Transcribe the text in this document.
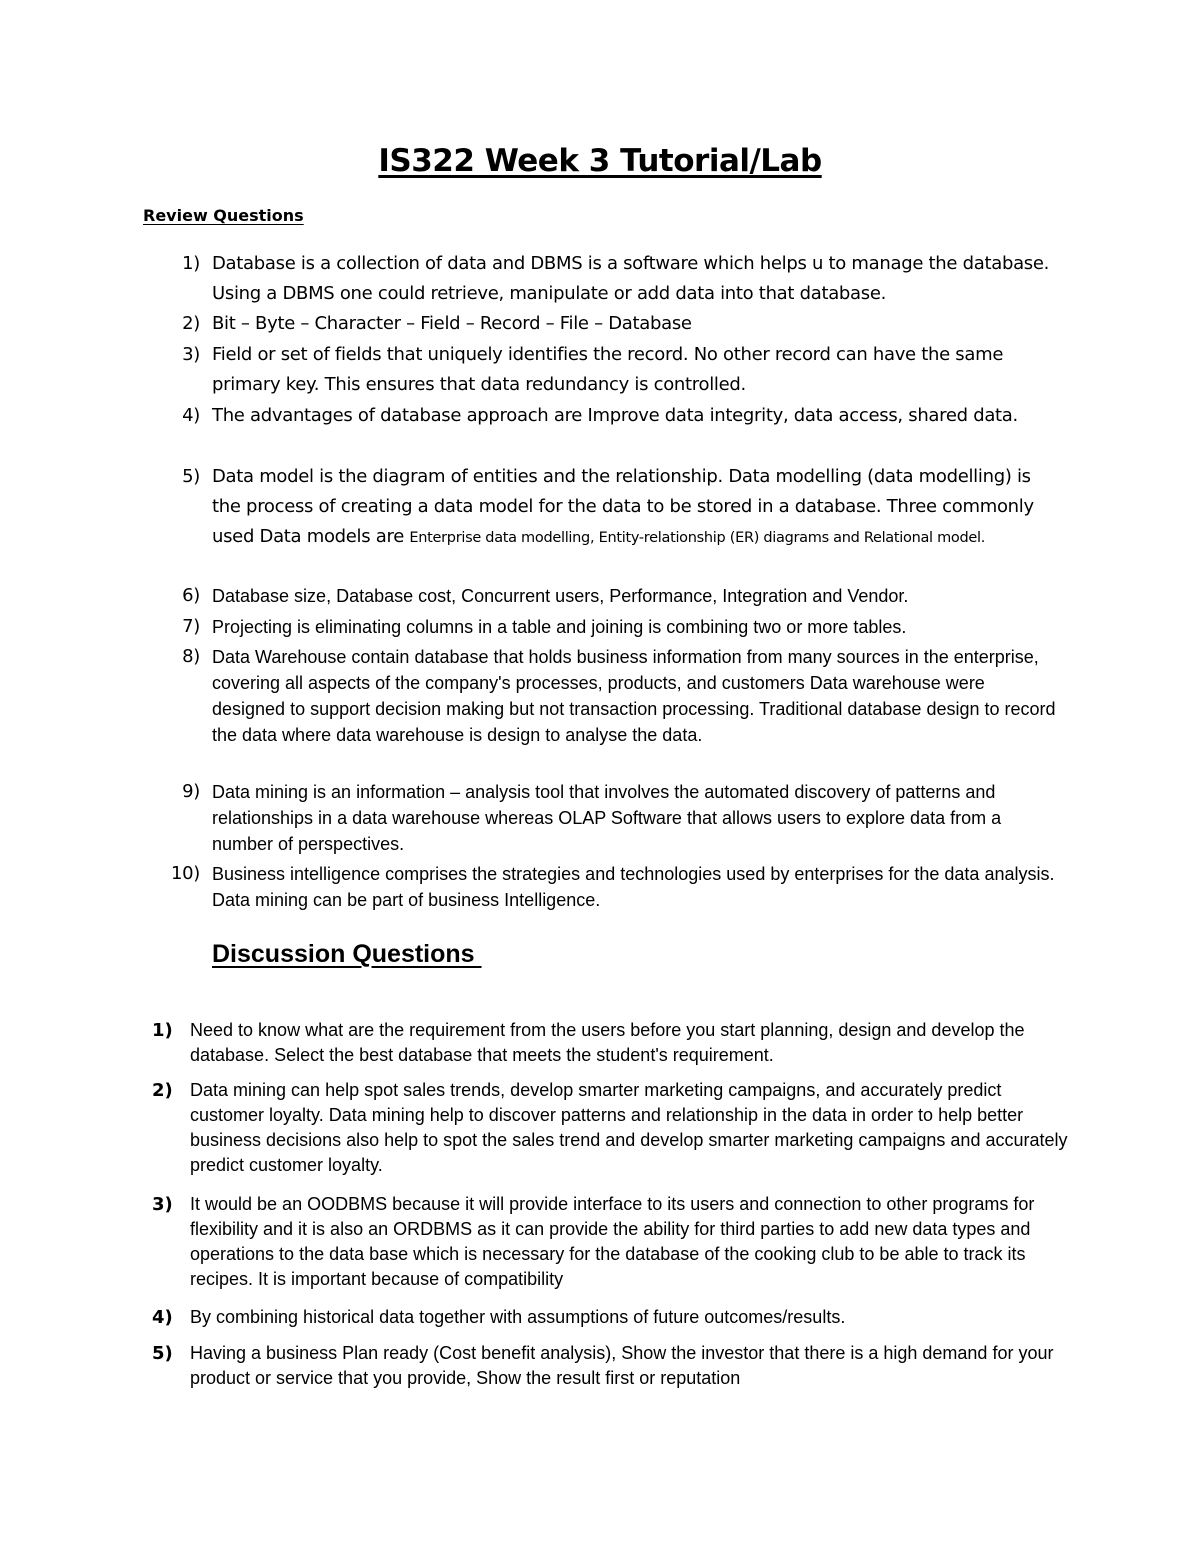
IS322 Week 3 Tutorial/Lab
Review Questions
1) Database is a collection of data and DBMS is a software which helps u to manage the database. Using a DBMS one could retrieve, manipulate or add data into that database.

2) Bit – Byte – Character – Field – Record – File – Database

3) Field or set of fields that uniquely identifies the record. No other record can have the same primary key. This ensures that data redundancy is controlled.

4) The advantages of database approach are Improve data integrity, data access, shared data.

5) Data model is the diagram of entities and the relationship. Data modelling (data modelling) is the process of creating a data model for the data to be stored in a database. Three commonly used Data models are Enterprise data modelling, Entity-relationship (ER) diagrams and Relational model.

6) Database size, Database cost, Concurrent users, Performance, Integration and Vendor.

7) Projecting is eliminating columns in a table and joining is combining two or more tables.

8) Data Warehouse contain database that holds business information from many sources in the enterprise, covering all aspects of the company's processes, products, and customers Data warehouse were designed to support decision making but not transaction processing. Traditional database design to record the data where data warehouse is design to analyse the data.

9) Data mining is an information – analysis tool that involves the automated discovery of patterns and relationships in a data warehouse whereas OLAP Software that allows users to explore data from a number of perspectives.

10) Business intelligence comprises the strategies and technologies used by enterprises for the data analysis. Data mining can be part of business Intelligence.

Discussion Questions
1) Need to know what are the requirement from the users before you start planning, design and develop the database. Select the best database that meets the student's requirement.

2) Data mining can help spot sales trends, develop smarter marketing campaigns, and accurately predict customer loyalty. Data mining help to discover patterns and relationship in the data in order to help better business decisions also help to spot the sales trend and develop smarter marketing campaigns and accurately predict customer loyalty.

3) It would be an OODBMS because it will provide interface to its users and connection to other programs for flexibility and it is also an ORDBMS as it can provide the ability for third parties to add new data types and operations to the data base which is necessary for the database of the cooking club to be able to track its recipes. It is important because of compatibility

4) By combining historical data together with assumptions of future outcomes/results.

5) Having a business Plan ready (Cost benefit analysis), Show the investor that there is a high demand for your product or service that you provide, Show the result first or reputation
